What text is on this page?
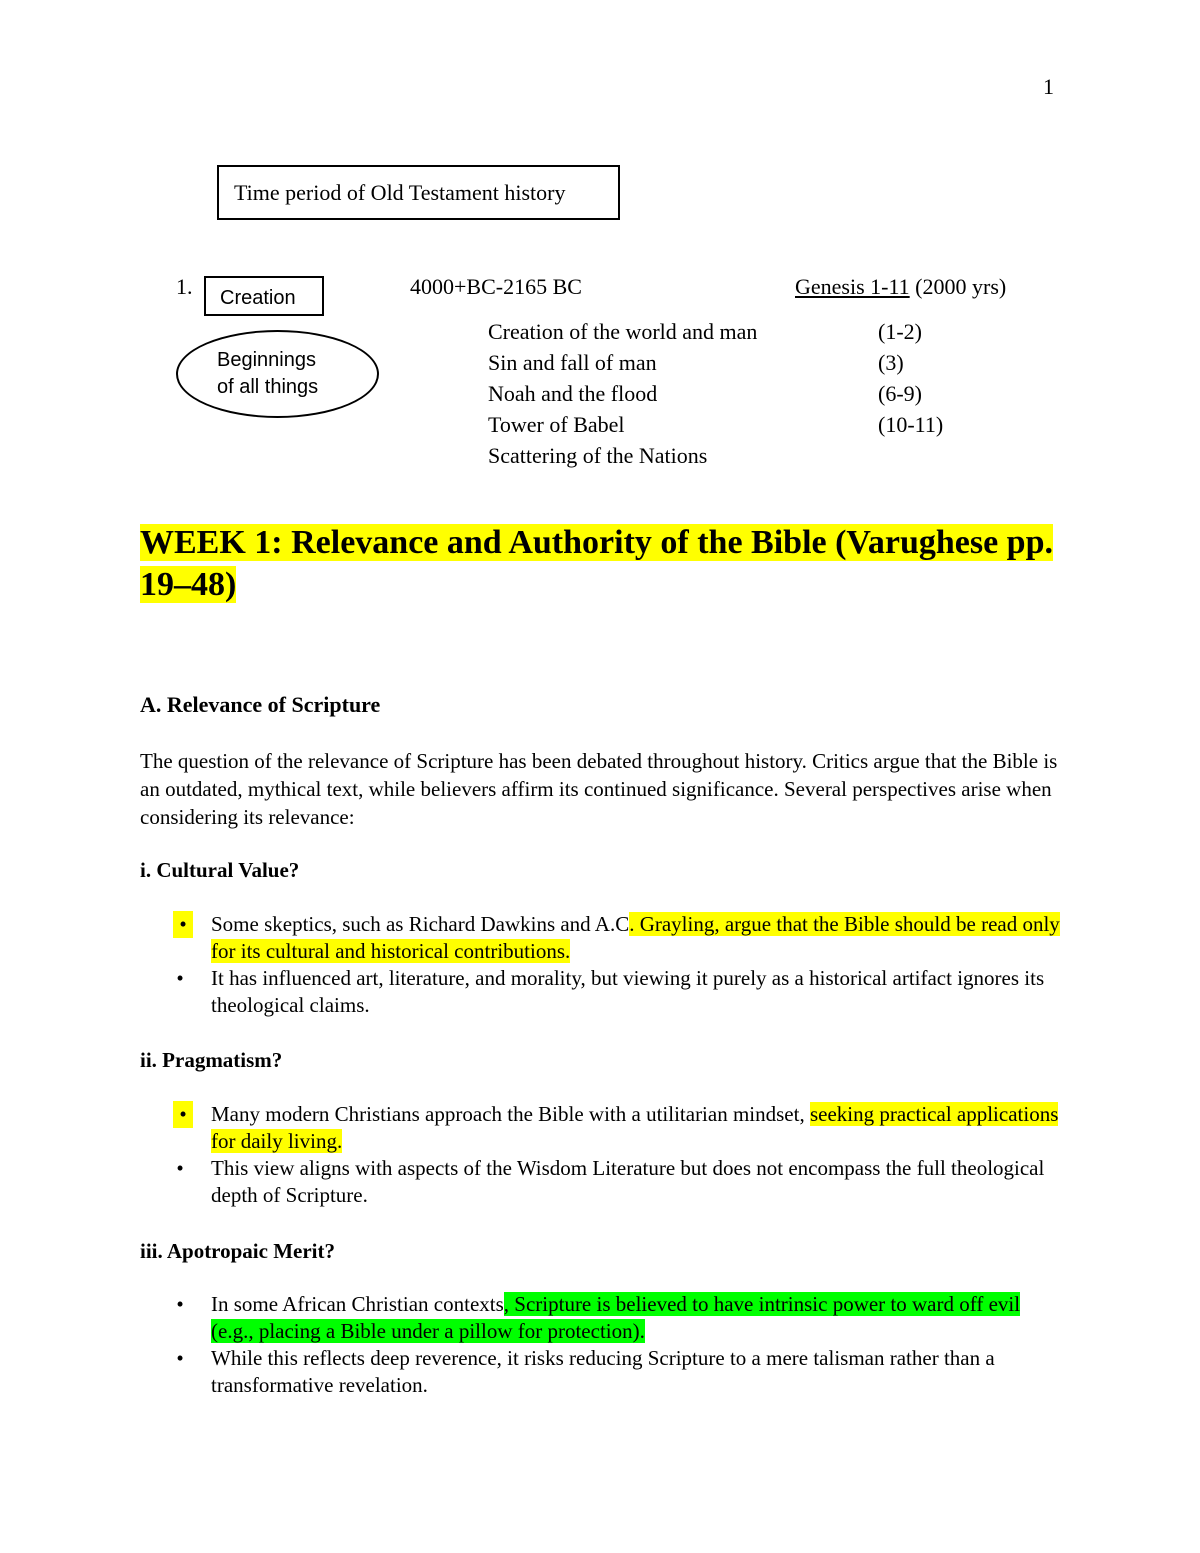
1
Time period of Old Testament history
1. Creation
Beginnings
of all things
4000+BC-2165 BC	Genesis 1-11 (2000 yrs)
Creation of the world and man	(1-2)
Sin and fall of man	(3)
Noah and the flood	(6-9)
Tower of Babel	(10-11)
Scattering of the Nations
WEEK 1: Relevance and Authority of the Bible (Varughese pp. 19–48)
A. Relevance of Scripture

The question of the relevance of Scripture has been debated throughout history. Critics argue that the Bible is an outdated, mythical text, while believers affirm its continued significance. Several perspectives arise when considering its relevance:

i. Cultural Value?
•	Some skeptics, such as Richard Dawkins and A.C. Grayling, argue that the Bible should be read only for its cultural and historical contributions.
• It has influenced art, literature, and morality, but viewing it purely as a historical artifact ignores its theological claims.
ii. Pragmatism?
•	Many modern Christians approach the Bible with a utilitarian mindset, seeking practical applications for daily living.
• This view aligns with aspects of the Wisdom Literature but does not encompass the full theological depth of Scripture.
iii. Apotropaic Merit?
• In some African Christian contexts, Scripture is believed to have intrinsic power to ward off evil (e.g., placing a Bible under a pillow for protection).
• While this reflects deep reverence, it risks reducing Scripture to a mere talisman rather than a transformative revelation.
